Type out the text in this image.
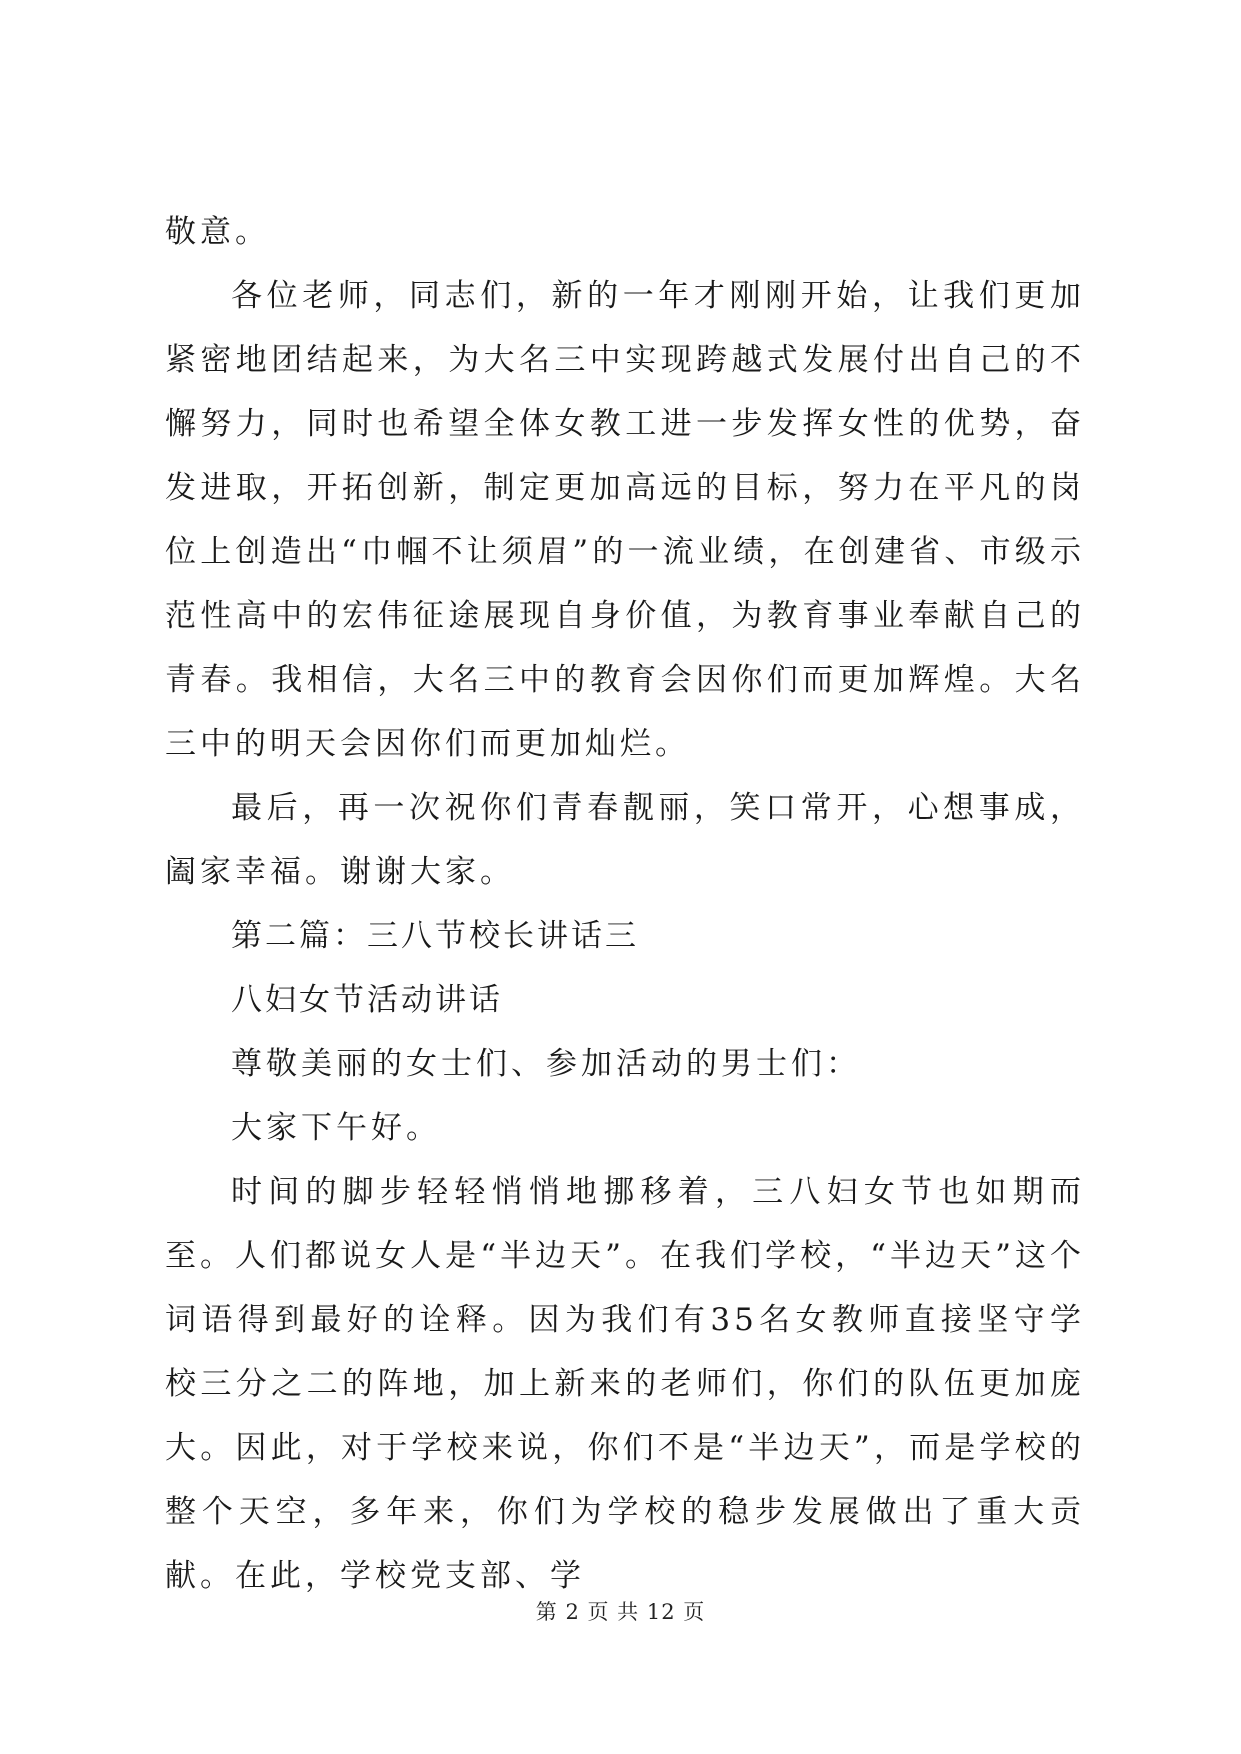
敬意。

各位老师，同志们，新的一年才刚刚开始，让我们更加紧密地团结起来，为大名三中实现跨越式发展付出自己的不懈努力，同时也希望全体女教工进一步发挥女性的优势，奋发进取，开拓创新，制定更加高远的目标，努力在平凡的岗位上创造出“巾帼不让须眉”的一流业绩，在创建省、市级示范性高中的宏伟征途展现自身价值，为教育事业奉献自己的青春。我相信，大名三中的教育会因你们而更加辉煌。大名三中的明天会因你们而更加灿烂。

最后，再一次祝你们青春靓丽，笑口常开，心想事成，阖家幸福。谢谢大家。

第二篇：三八节校长讲话三

八妇女节活动讲话

尊敬美丽的女士们、参加活动的男士们：

大家下午好。

时间的脚步轻轻悄悄地挪移着，三八妇女节也如期而至。人们都说女人是“半边天”。在我们学校，“半边天”这个词语得到最好的诠释。因为我们有35名女教师直接坚守学校三分之二的阵地，加上新来的老师们，你们的队伍更加庞大。因此，对于学校来说，你们不是“半边天”，而是学校的整个天空，多年来，你们为学校的稳步发展做出了重大贡献。在此，学校党支部、学

第 2 页 共 12 页
